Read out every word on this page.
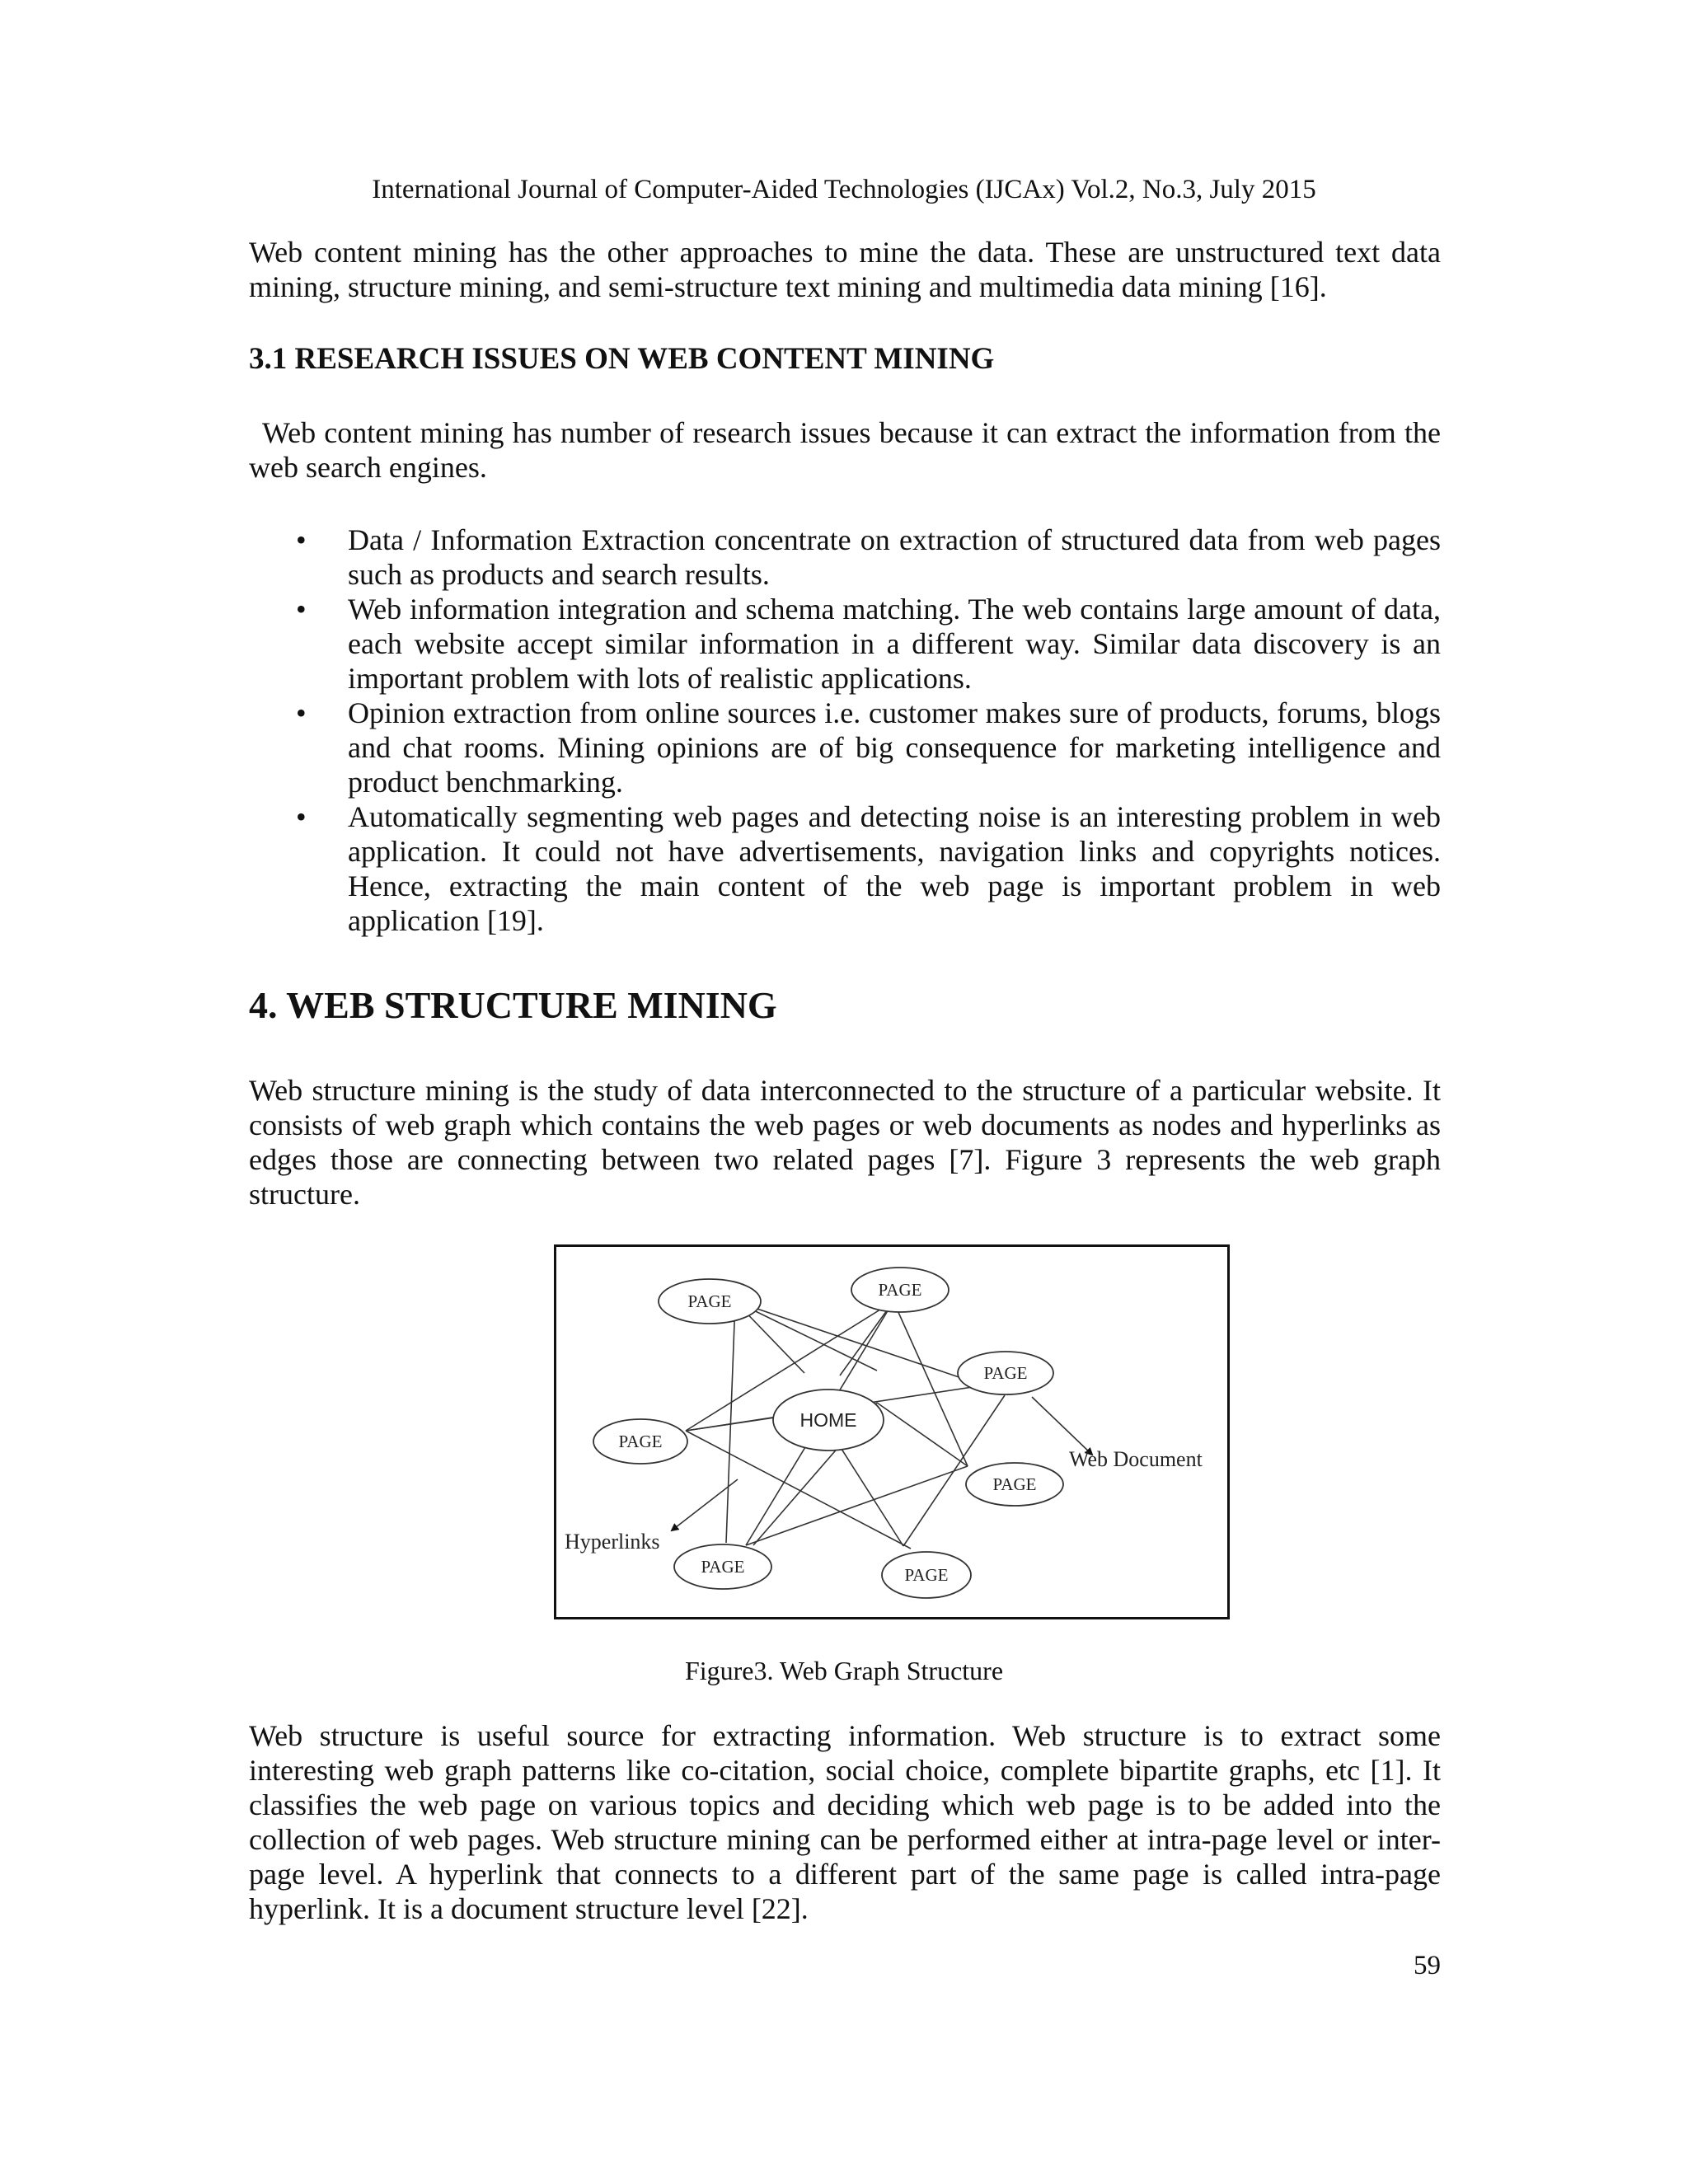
International Journal of Computer-Aided Technologies (IJCAx) Vol.2, No.3, July 2015

Web content mining has the other approaches to mine the data. These are unstructured text data mining, structure mining, and semi-structure text mining and multimedia data mining [16].

3.1 RESEARCH ISSUES ON WEB CONTENT MINING

Web content mining has number of research issues because it can extract the information from the web search engines.

• Data / Information Extraction concentrate on extraction of structured data from web pages such as products and search results.
• Web information integration and schema matching. The web contains large amount of data, each website accept similar information in a different way. Similar data discovery is an important problem with lots of realistic applications.
• Opinion extraction from online sources i.e. customer makes sure of products, forums, blogs and chat rooms. Mining opinions are of big consequence for marketing intelligence and product benchmarking.
• Automatically segmenting web pages and detecting noise is an interesting problem in web application. It could not have advertisements, navigation links and copyrights notices. Hence, extracting the main content of the web page is important problem in web application [19].
4. WEB STRUCTURE MINING

Web structure mining is the study of data interconnected to the structure of a particular website. It consists of web graph which contains the web pages or web documents as nodes and hyperlinks as edges those are connecting between two related pages [7]. Figure 3 represents the web graph structure.

PAGE
PAGE
PAGE
HOME
PAGE
PAGE
PAGE	PAGE
Web Document
Hyperlinks
Figure3. Web Graph Structure

Web structure is useful source for extracting information. Web structure is to extract some interesting web graph patterns like co-citation, social choice, complete bipartite graphs, etc [1]. It classifies the web page on various topics and deciding which web page is to be added into the collection of web pages. Web structure mining can be performed either at intra-page level or inter-page level. A hyperlink that connects to a different part of the same page is called intra-page hyperlink. It is a document structure level [22].

59
